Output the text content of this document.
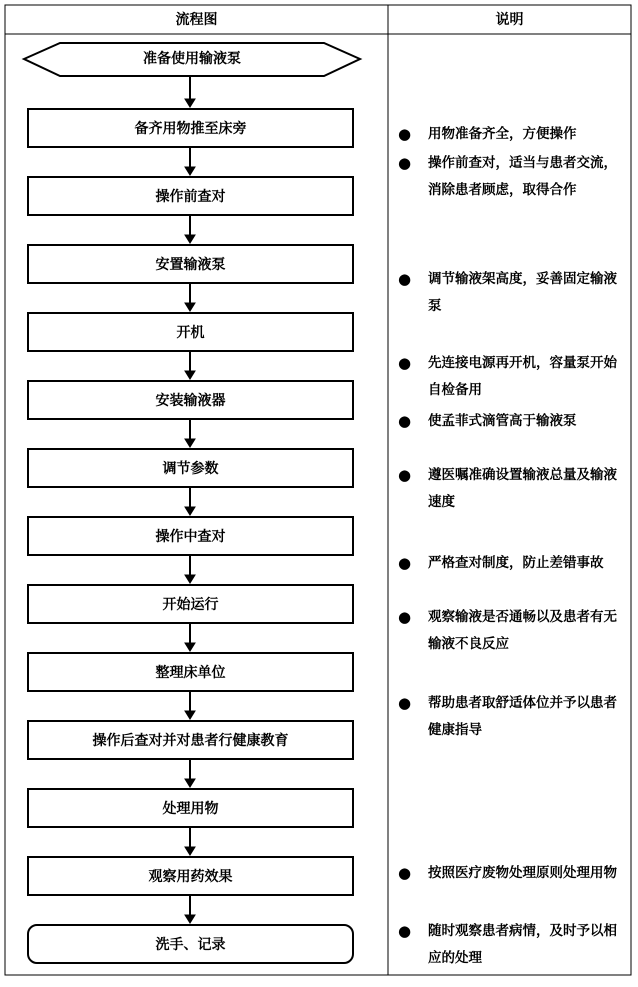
流程图	说明
准备使用输液泵
备齐用物推至床旁
操作前查对
安置输液泵
开机
安装输液器
调节参数
操作中查对
开始运行
整理床单位
操作后查对并对患者行健康教育
处理用物
观察用药效果
洗手、记录
● 用物准备齐全，方便操作
● 操作前查对，适当与患者交流，消除患者顾虑，取得合作
● 调节输液架高度，妥善固定输液泵
● 先连接电源再开机，容量泵开始自检备用
● 使孟菲式滴管高于输液泵
● 遵医嘱准确设置输液总量及输液速度
● 严格查对制度，防止差错事故
● 观察输液是否通畅以及患者有无输液不良反应
● 帮助患者取舒适体位并予以患者健康指导
● 按照医疗废物处理原则处理用物
● 随时观察患者病情，及时予以相应的处理
